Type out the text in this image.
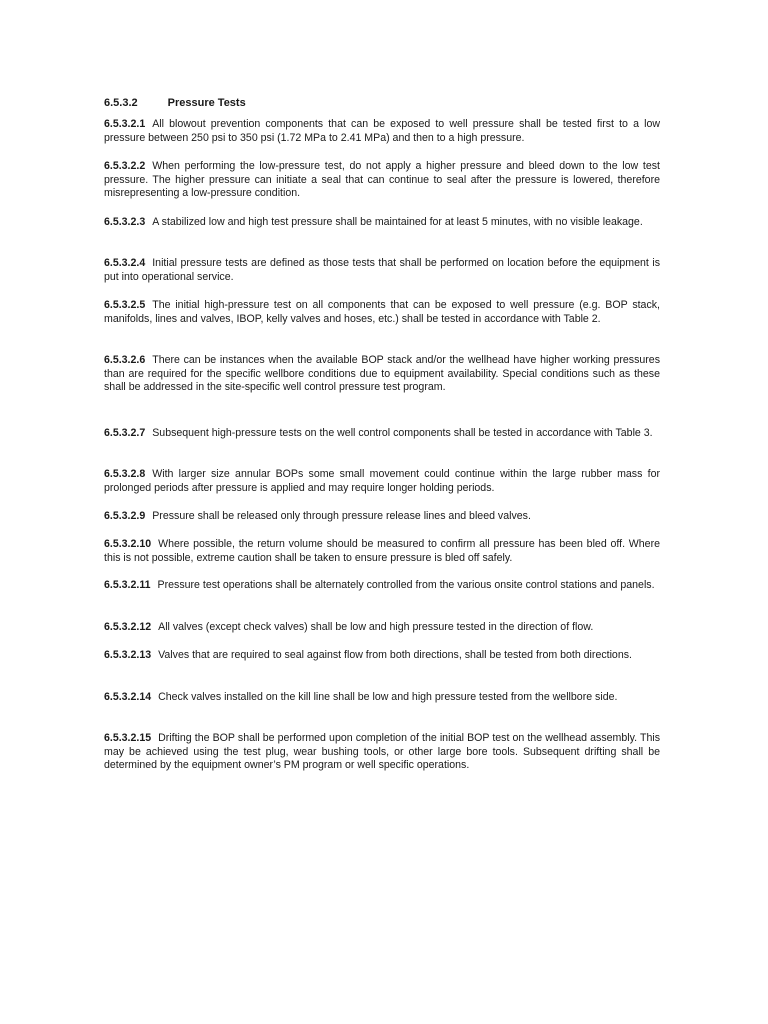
6.5.3.2	Pressure Tests

6.5.3.2.1 All blowout prevention components that can be exposed to well pressure shall be tested first to a low pressure between 250 psi to 350 psi (1.72 MPa to 2.41 MPa) and then to a high pressure.

6.5.3.2.2 When performing the low-pressure test, do not apply a higher pressure and bleed down to the low test pressure. The higher pressure can initiate a seal that can continue to seal after the pressure is lowered, therefore misrepresenting a low-pressure condition.

6.5.3.2.3 A stabilized low and high test pressure shall be maintained for at least 5 minutes, with no visible leakage.

6.5.3.2.4 Initial pressure tests are defined as those tests that shall be performed on location before the equipment is put into operational service.

6.5.3.2.5 The initial high-pressure test on all components that can be exposed to well pressure (e.g. BOP stack, manifolds, lines and valves, IBOP, kelly valves and hoses, etc.) shall be tested in accordance with Table 2.

6.5.3.2.6 There can be instances when the available BOP stack and/or the wellhead have higher working pressures than are required for the specific wellbore conditions due to equipment availability. Special conditions such as these shall be addressed in the site-specific well control pressure test program.

6.5.3.2.7 Subsequent high-pressure tests on the well control components shall be tested in accordance with Table 3.

6.5.3.2.8 With larger size annular BOPs some small movement could continue within the large rubber mass for prolonged periods after pressure is applied and may require longer holding periods.

6.5.3.2.9 Pressure shall be released only through pressure release lines and bleed valves.

6.5.3.2.10 Where possible, the return volume should be measured to confirm all pressure has been bled off. Where this is not possible, extreme caution shall be taken to ensure pressure is bled off safely.

6.5.3.2.11 Pressure test operations shall be alternately controlled from the various onsite control stations and panels.

6.5.3.2.12 All valves (except check valves) shall be low and high pressure tested in the direction of flow.

6.5.3.2.13 Valves that are required to seal against flow from both directions, shall be tested from both directions.

6.5.3.2.14 Check valves installed on the kill line shall be low and high pressure tested from the wellbore side.

6.5.3.2.15 Drifting the BOP shall be performed upon completion of the initial BOP test on the wellhead assembly. This may be achieved using the test plug, wear bushing tools, or other large bore tools. Subsequent drifting shall be determined by the equipment owner’s PM program or well specific operations.
